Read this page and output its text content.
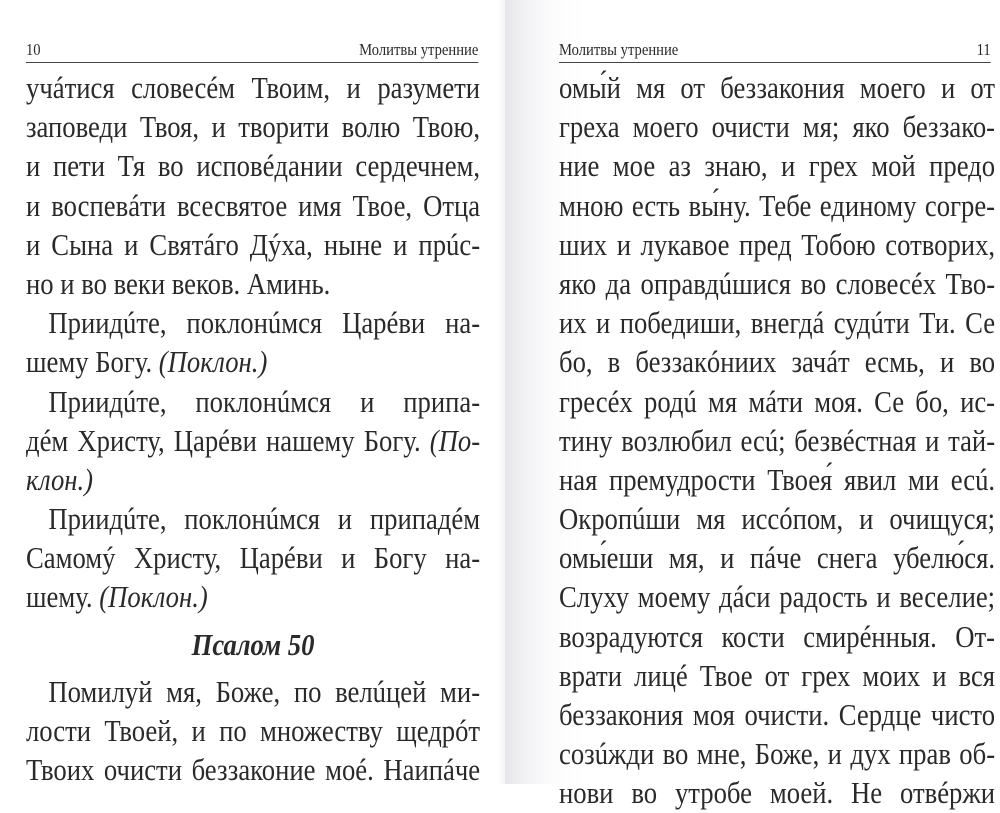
10	Молитвы утренние
учáтися словесéм Твоим, и разумети
заповеди Твоя, и творити волю Твою,
и пети Тя во исповéдании сердечнем,
и воспевáти всесвятое имя Твое, Отца
и Сына и Святáго Дýха, ныне и прúс-
но и во веки веков. Аминь.
Приидúте, поклонúмся Царéви на-
шему Богу. (Поклон.)
Приидúте, поклонúмся и припа-
дéм Христу, Царéви нашему Богу. (По-
клон.)
Приидúте, поклонúмся и припадéм
Самомý Христу, Царéви и Богу на-
шему. (Поклон.)
Псалом 50
Помилуй мя, Боже, по велúцей ми-
лости Твоей, и по множеству щедрóт
Твоих очисти беззаконие моé. Наипáче
Молитвы утренние	11
омы́й мя от беззакония моего и от
греха моего очисти мя; яко беззако-
ние мое аз знаю, и грех мой предо
мною есть вы́ну. Тебе единому согре-
ших и лукавое пред Тобою сотворих,
яко да оправдúшися во словесéх Тво-
их и победиши, внегдá судúти Ти. Се
бо, в беззакóниих зачáт есмь, и во
гресéх родú мя мáти моя. Се бо, ис-
тину возлюбил есú; безвéстная и тай-
ная премудрости Твоея́ явил ми есú.
Окропúши мя иссóпом, и очищуся;
омы́еши мя, и пáче снега убелю́ся.
Слуху моему дáси радость и веселие;
возрадуются кости смирéнныя. От-
врати лицé Твое от грех моих и вся
беззакония моя очисти. Сердце чисто
созúжди во мне, Боже, и дух прав об-
нови во утробе моей. Не отвéржи
